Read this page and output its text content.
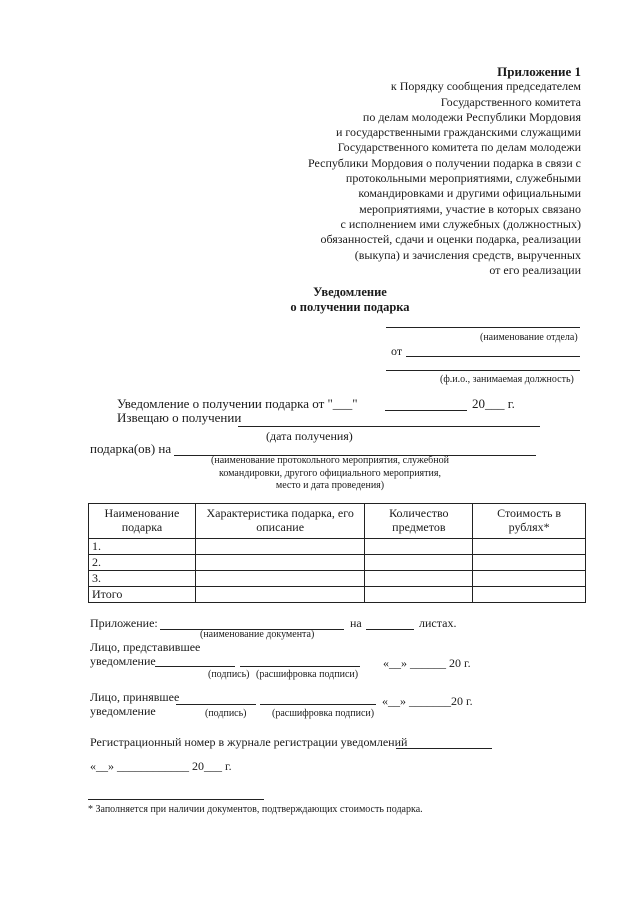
Приложение 1
к Порядку сообщения председателем
Государственного комитета
по делам молодежи Республики Мордовия
и государственными гражданскими служащими
Государственного комитета по делам молодежи
Республики Мордовия о получении подарка в связи с
протокольными мероприятиями, служебными
командировками и другими официальными
мероприятиями, участие в которых связано
с исполнением ими служебных (должностных)
обязанностей, сдачи и оценки подарка, реализации
(выкупа) и зачисления средств, вырученных
от его реализации
Уведомление
о получении подарка
(наименование отдела)
от
(ф.и.о., занимаемая должность)
Уведомление о получении подарка от "___"	20___ г.
Извещаю о получении
(дата получения)
подарка(ов) на
(наименование протокольного мероприятия, служебной
командировки, другого официального мероприятия,
место и дата проведения)
Наименование подарка	Характеристика подарка, его описание	Количество предметов	Стоимость в рублях*
1.			
2.			
3.			
Итого			
Приложение:	на	листах.
(наименование документа)
Лицо, представившее
уведомление	«__» ______ 20 г.
(подпись) (расшифровка подписи)
Лицо, принявшее
уведомление
«__» _______20 г.
(подпись)	(расшифровка подписи)
Регистрационный номер в журнале регистрации уведомлений
«__» ____________ 20___ г.
* Заполняется при наличии документов, подтверждающих стоимость подарка.
